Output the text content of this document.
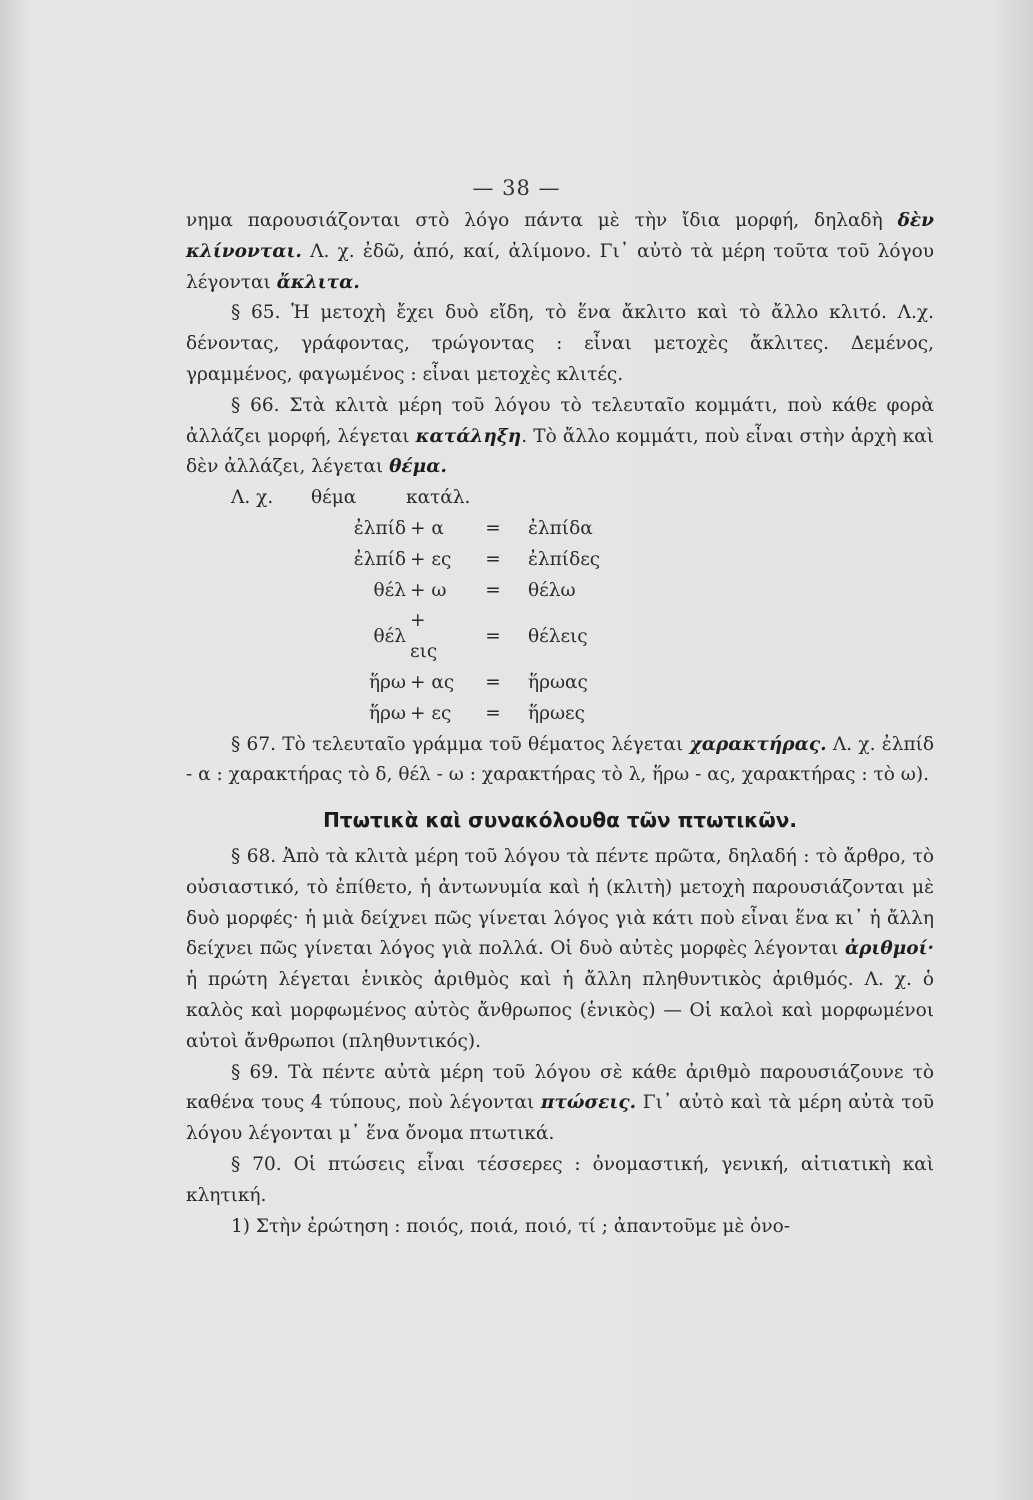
— 38 —

νημα παρουσιάζονται στὸ λόγο πάντα μὲ τὴν ἴδια μορφή, δηλαδὴ δὲν κλίνονται. Λ. χ. ἐδῶ, ἀπό, καί, ἀλίμονο. Γι᾽ αὐτὸ τὰ μέρη τοῦτα τοῦ λόγου λέγονται ἄκλιτα.

§ 65. Ἡ μετοχὴ ἔχει δυὸ εἴδη, τὸ ἕνα ἄκλιτο καὶ τὸ ἄλλο κλιτό. Λ.χ. δένοντας, γράφοντας, τρώγοντας : εἶναι μετοχὲς ἄκλιτες. Δεμένος, γραμμένος, φαγωμένος : εἶναι μετοχὲς κλιτές.

§ 66. Στὰ κλιτὰ μέρη τοῦ λόγου τὸ τελευταῖο κομμάτι, ποὺ κάθε φορὰ ἀλλάζει μορφή, λέγεται κατάληξη. Τὸ ἄλλο κομμάτι, ποὺ εἶναι στὴν ἀρχὴ καὶ δὲν ἀλλάζει, λέγεται θέμα.

Λ. χ. θέμα	κατάλ.

ἐλπίδ	+ α	=	ἐλπίδα
ἐλπίδ	+ ες	=	ἐλπίδες
θέλ	+ ω	=	θέλω
θέλ	+ εις	=	θέλεις
ἥρω	+ ας	=	ἥρωας
ἥρω	+ ες	=	ἥρωες

§ 67. Τὸ τελευταῖο γράμμα τοῦ θέματος λέγεται χαρακτήρας. Λ. χ. ἐλπίδ - α : χαρακτήρας τὸ δ, θέλ - ω : χαρακτήρας τὸ λ, ἥρω - ας, χαρακτήρας : τὸ ω).

Πτωτικὰ καὶ συνακόλουθα τῶν πτωτικῶν.

§ 68. Ἀπὸ τὰ κλιτὰ μέρη τοῦ λόγου τὰ πέντε πρῶτα, δηλαδή : τὸ ἄρθρο, τὸ οὐσιαστικό, τὸ ἐπίθετο, ἡ ἀντωνυμία καὶ ἡ (κλιτὴ) μετοχὴ παρουσιάζονται μὲ δυὸ μορφές· ἡ μιὰ δείχνει πῶς γίνεται λόγος γιὰ κάτι ποὺ εἶναι ἕνα κι᾽ ἡ ἄλλη δείχνει πῶς γίνεται λόγος γιὰ πολλά. Οἱ δυὸ αὐτὲς μορφὲς λέγονται ἀριθμοί· ἡ πρώτη λέγεται ἑνικὸς ἀριθμὸς καὶ ἡ ἄλλη πληθυντικὸς ἀριθμός. Λ. χ. ὁ καλὸς καὶ μορφωμένος αὐτὸς ἄνθρωπος (ἑνικὸς) — Οἱ καλοὶ καὶ μορφωμένοι αὐτοὶ ἄνθρωποι (πληθυντικός).

§ 69. Τὰ πέντε αὐτὰ μέρη τοῦ λόγου σὲ κάθε ἀριθμὸ παρουσιάζουνε τὸ καθένα τους 4 τύπους, ποὺ λέγονται πτώσεις. Γι᾽ αὐτὸ καὶ τὰ μέρη αὐτὰ τοῦ λόγου λέγονται μ᾽ ἕνα ὄνομα πτωτικά.

§ 70. Οἱ πτώσεις εἶναι τέσσερες : ὀνομαστική, γενική, αἰτιατικὴ καὶ κλητική.

1) Στὴν ἐρώτηση : ποιός, ποιά, ποιό, τί ; ἀπαντοῦμε μὲ ὀνο-
